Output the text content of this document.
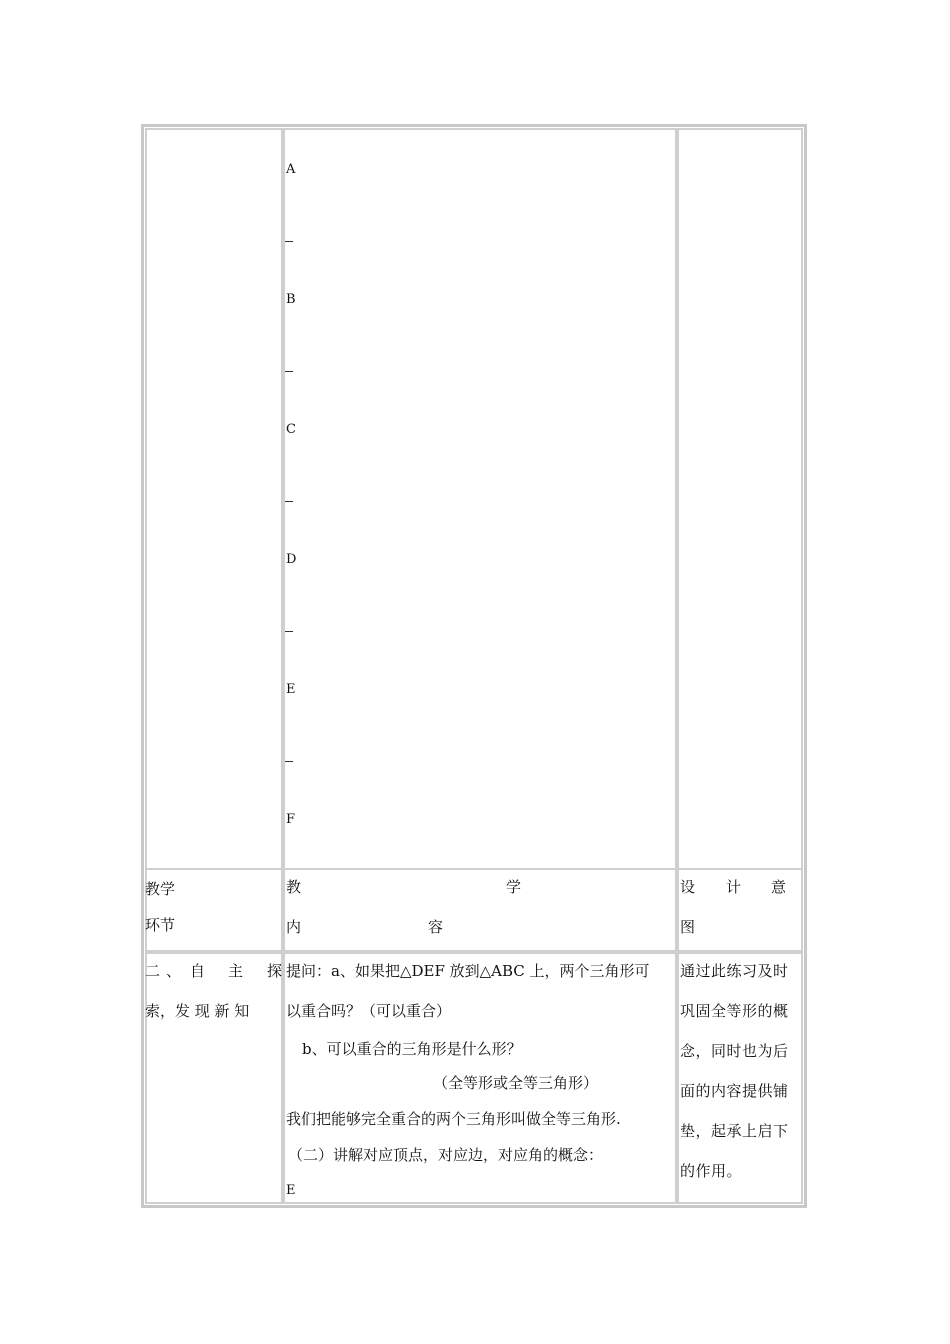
A
B
C
D
E
F
教学
环节
教	学
内	容
设 计 意
图
二 、 自 主 探
索，发 现 新 知
提问：a、如果把△DEF 放到△ABC 上，两个三角形可
以重合吗？（可以重合）
b、可以重合的三角形是什么形？
（全等形或全等三角形）
我们把能够完全重合的两个三角形叫做全等三角形.
（二）讲解对应顶点，对应边，对应角的概念：
E
通过此练习及时
巩固全等形的概
念，同时也为后
面的内容提供铺
垫，起承上启下
的作用。
